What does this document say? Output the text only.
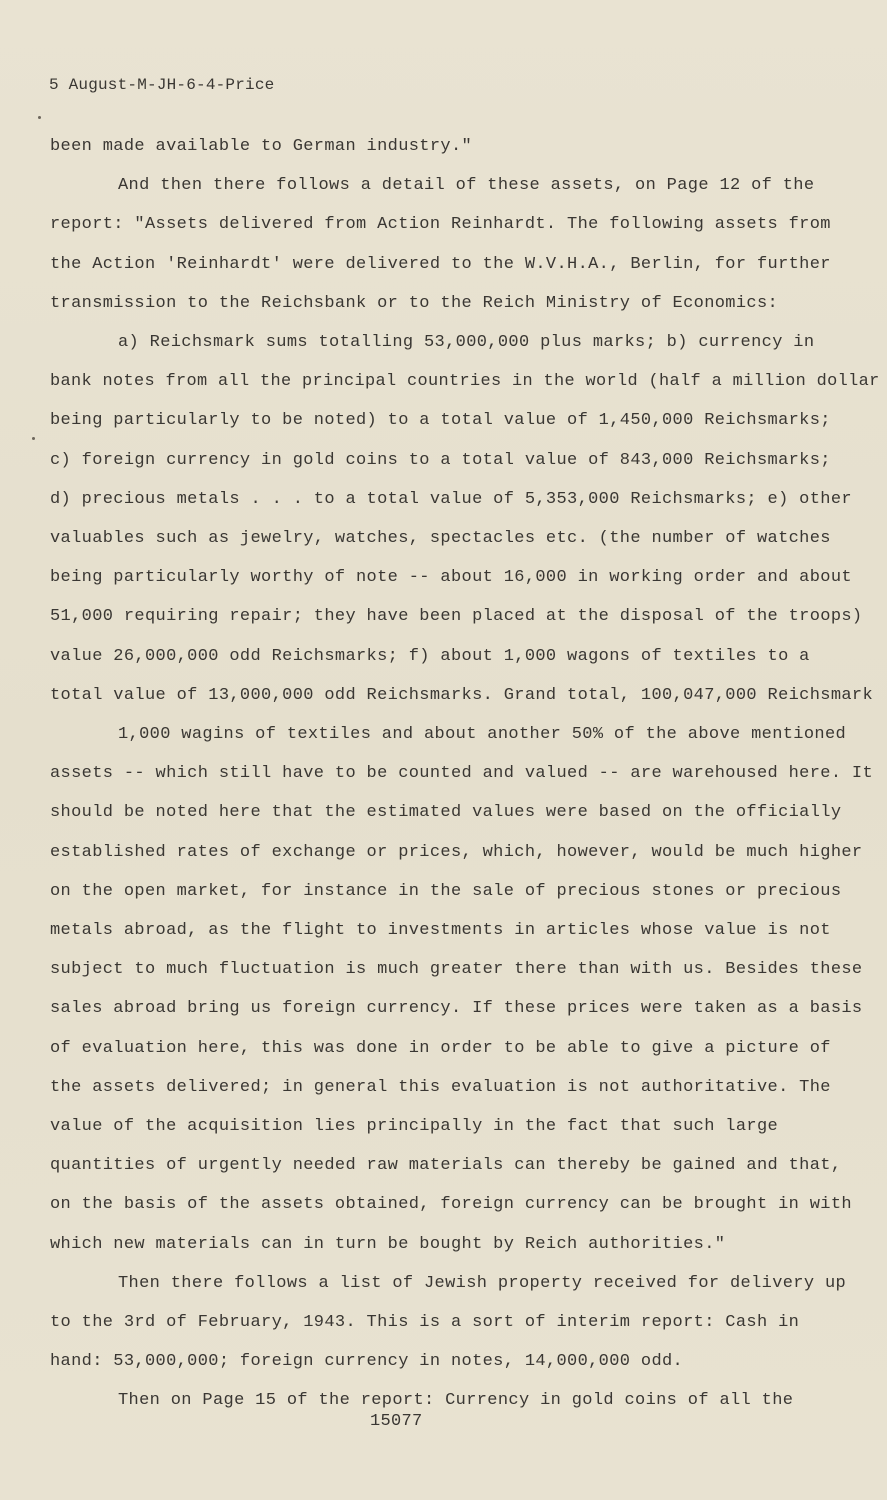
5 August-M-JH-6-4-Price
been made available to German industry."
And then there follows a detail of these assets, on Page 12 of the
report: "Assets delivered from Action Reinhardt. The following assets from
the Action 'Reinhardt' were delivered to the W.V.H.A., Berlin, for further
transmission to the Reichsbank or to the Reich Ministry of Economics:
a) Reichsmark sums totalling 53,000,000 plus marks; b) currency in
bank notes from all the principal countries in the world (half a million dollar
being particularly to be noted) to a total value of 1,450,000 Reichsmarks;
c) foreign currency in gold coins to a total value of 843,000 Reichsmarks;
d) precious metals . . . to a total value of 5,353,000 Reichsmarks; e) other
valuables such as jewelry, watches, spectacles etc. (the number of watches
being particularly worthy of note -- about 16,000 in working order and about
51,000 requiring repair; they have been placed at the disposal of the troops)
value 26,000,000 odd Reichsmarks; f) about 1,000 wagons of textiles to a
total value of 13,000,000 odd Reichsmarks. Grand total, 100,047,000 Reichsmark
1,000 wagins of textiles and about another 50% of the above mentioned
assets -- which still have to be counted and valued -- are warehoused here. It
should be noted here that the estimated values were based on the officially
established rates of exchange or prices, which, however, would be much higher
on the open market, for instance in the sale of precious stones or precious
metals abroad, as the flight to investments in articles whose value is not
subject to much fluctuation is much greater there than with us. Besides these
sales abroad bring us foreign currency. If these prices were taken as a basis
of evaluation here, this was done in order to be able to give a picture of
the assets delivered; in general this evaluation is not authoritative. The
value of the acquisition lies principally in the fact that such large
quantities of urgently needed raw materials can thereby be gained and that,
on the basis of the assets obtained, foreign currency can be brought in with
which new materials can in turn be bought by Reich authorities."
Then there follows a list of Jewish property received for delivery up
to the 3rd of February, 1943. This is a sort of interim report: Cash in
hand: 53,000,000; foreign currency in notes, 14,000,000 odd.
Then on Page 15 of the report: Currency in gold coins of all the
15077
